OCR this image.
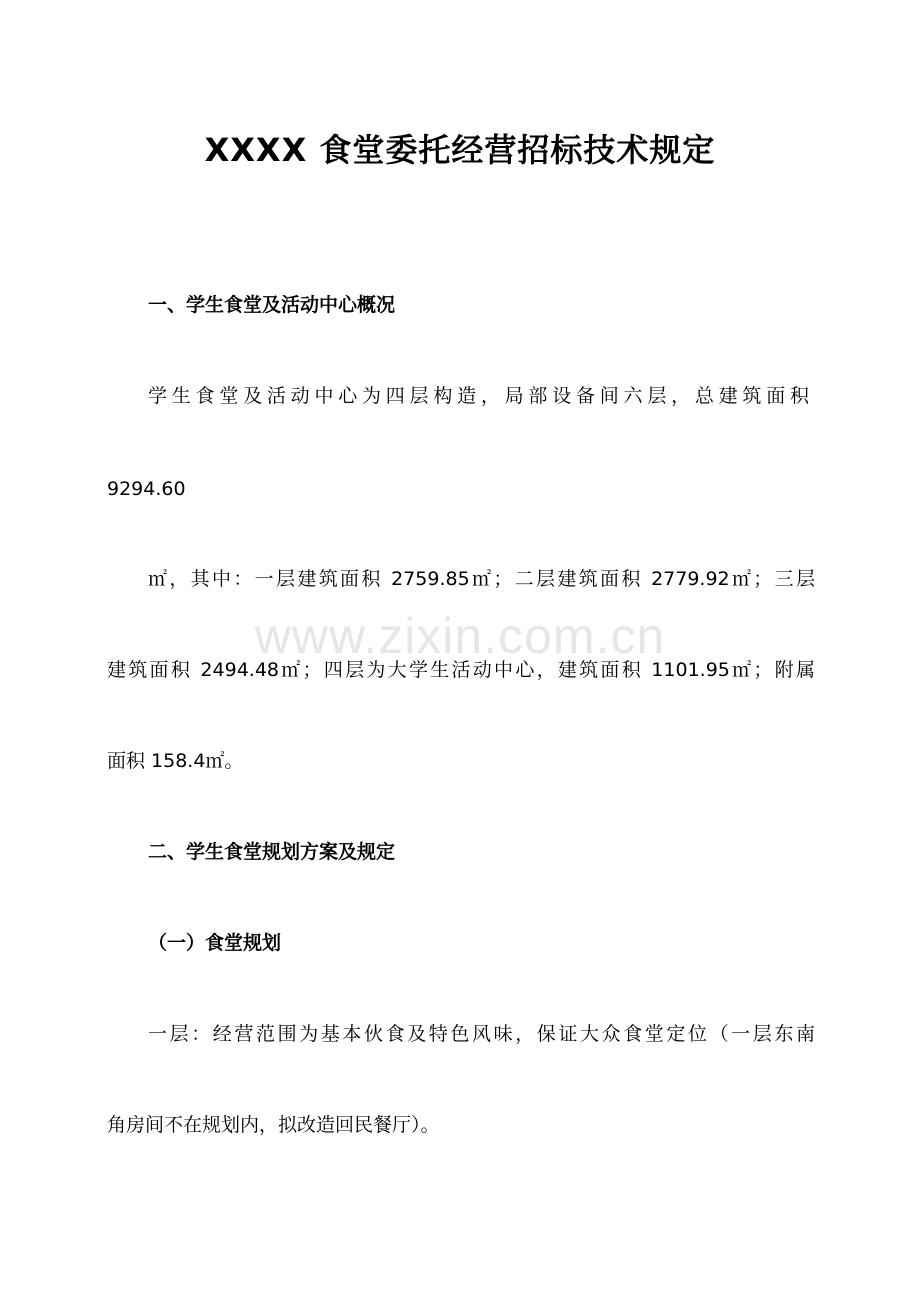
www.zixin.com.cn
XXXX 食堂委托经营招标技术规定
一、学生食堂及活动中心概况
学生食堂及活动中心为四层构造，局部设备间六层，总建筑面积
9294.60
㎡，其中：一层建筑面积 2759.85㎡；二层建筑面积 2779.92㎡；三层
建筑面积 2494.48㎡；四层为大学生活动中心，建筑面积 1101.95㎡；附属
面积 158.4㎡。
二、学生食堂规划方案及规定
（一）食堂规划
一层：经营范围为基本伙食及特色风味，保证大众食堂定位（一层东南
角房间不在规划内，拟改造回民餐厅）。
